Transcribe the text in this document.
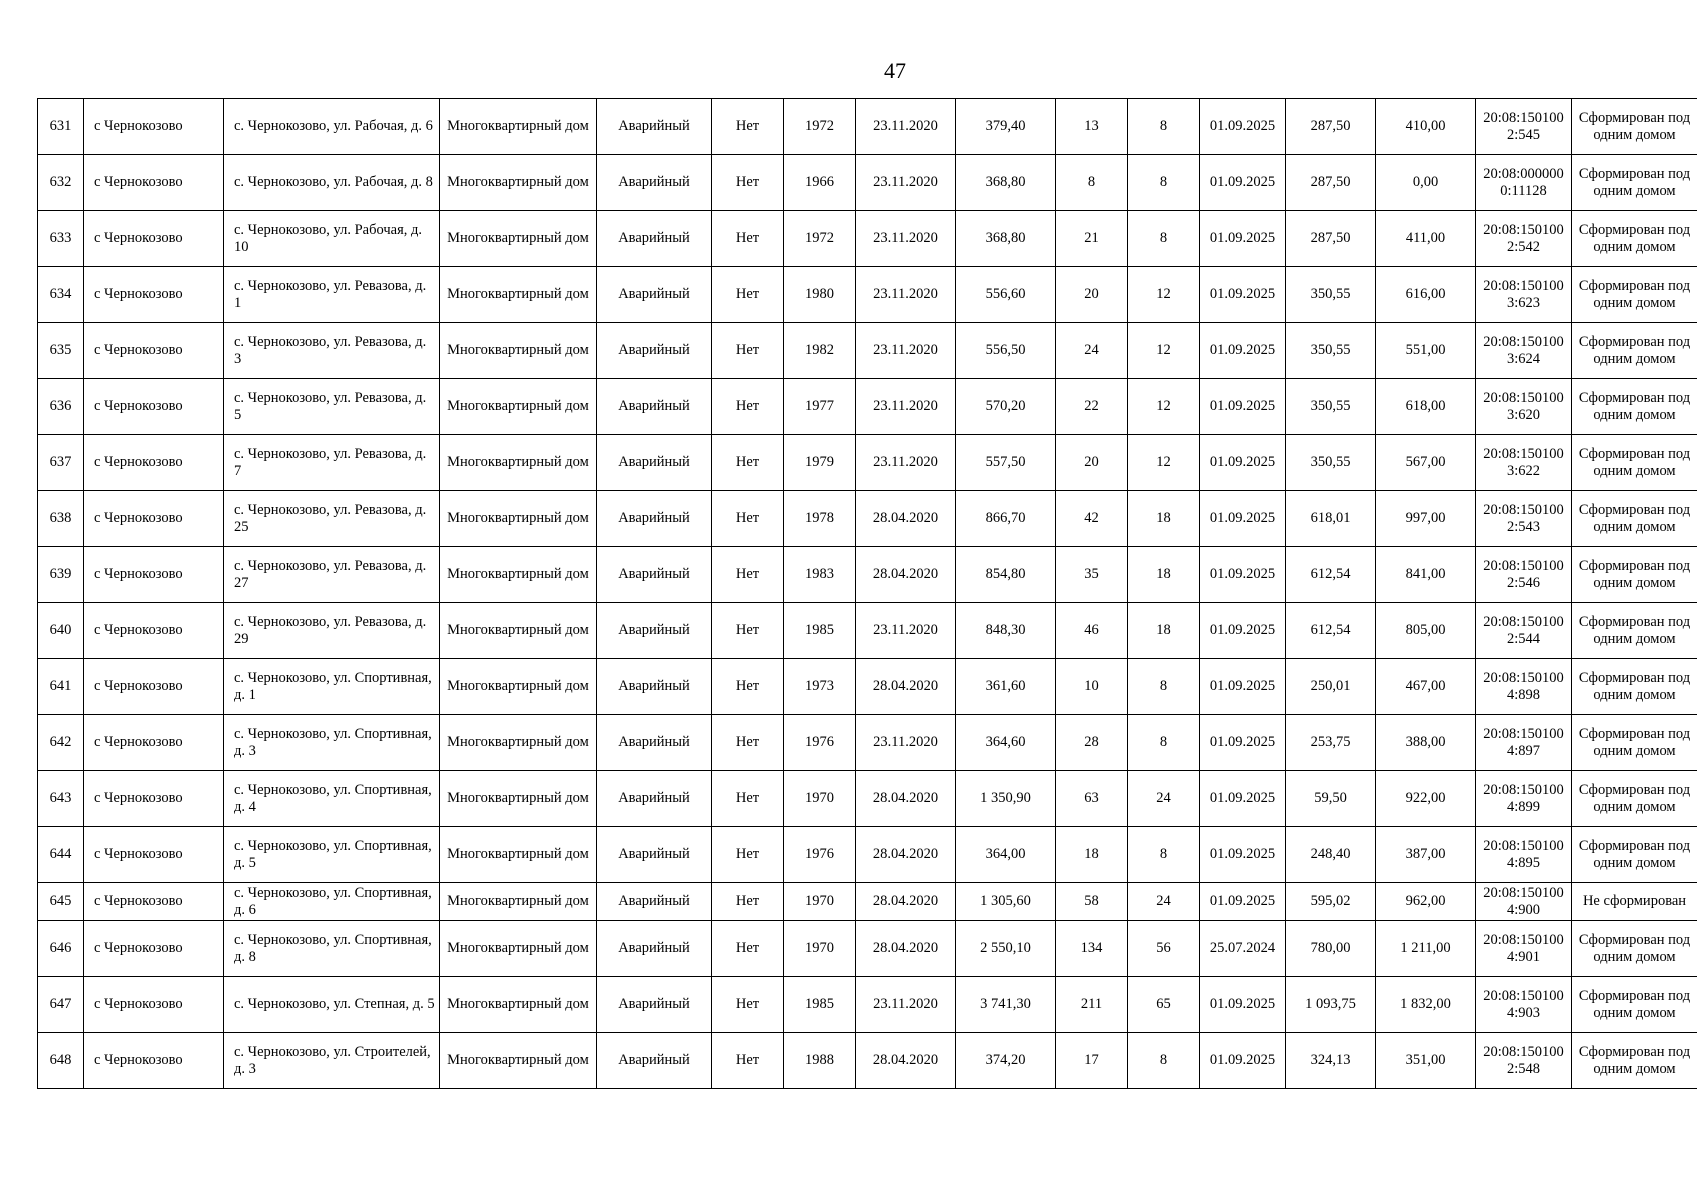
47
631	с Чернокозово	с. Чернокозово, ул. Рабочая, д. 6	Многоквартирный дом	Аварийный	Нет	1972	23.11.2020	379,40	13	8	01.09.2025	287,50	410,00	20:08:1501002:545	Сформирован под одним домом
632	с Чернокозово	с. Чернокозово, ул. Рабочая, д. 8	Многоквартирный дом	Аварийный	Нет	1966	23.11.2020	368,80	8	8	01.09.2025	287,50	0,00	20:08:0000000:11128	Сформирован под одним домом
633	с Чернокозово	с. Чернокозово, ул. Рабочая, д. 10	Многоквартирный дом	Аварийный	Нет	1972	23.11.2020	368,80	21	8	01.09.2025	287,50	411,00	20:08:1501002:542	Сформирован под одним домом
634	с Чернокозово	с. Чернокозово, ул. Ревазова, д. 1	Многоквартирный дом	Аварийный	Нет	1980	23.11.2020	556,60	20	12	01.09.2025	350,55	616,00	20:08:1501003:623	Сформирован под одним домом
635	с Чернокозово	с. Чернокозово, ул. Ревазова, д. 3	Многоквартирный дом	Аварийный	Нет	1982	23.11.2020	556,50	24	12	01.09.2025	350,55	551,00	20:08:1501003:624	Сформирован под одним домом
636	с Чернокозово	с. Чернокозово, ул. Ревазова, д. 5	Многоквартирный дом	Аварийный	Нет	1977	23.11.2020	570,20	22	12	01.09.2025	350,55	618,00	20:08:1501003:620	Сформирован под одним домом
637	с Чернокозово	с. Чернокозово, ул. Ревазова, д. 7	Многоквартирный дом	Аварийный	Нет	1979	23.11.2020	557,50	20	12	01.09.2025	350,55	567,00	20:08:1501003:622	Сформирован под одним домом
638	с Чернокозово	с. Чернокозово, ул. Ревазова, д. 25	Многоквартирный дом	Аварийный	Нет	1978	28.04.2020	866,70	42	18	01.09.2025	618,01	997,00	20:08:1501002:543	Сформирован под одним домом
639	с Чернокозово	с. Чернокозово, ул. Ревазова, д. 27	Многоквартирный дом	Аварийный	Нет	1983	28.04.2020	854,80	35	18	01.09.2025	612,54	841,00	20:08:1501002:546	Сформирован под одним домом
640	с Чернокозово	с. Чернокозово, ул. Ревазова, д. 29	Многоквартирный дом	Аварийный	Нет	1985	23.11.2020	848,30	46	18	01.09.2025	612,54	805,00	20:08:1501002:544	Сформирован под одним домом
641	с Чернокозово	с. Чернокозово, ул. Спортивная, д. 1	Многоквартирный дом	Аварийный	Нет	1973	28.04.2020	361,60	10	8	01.09.2025	250,01	467,00	20:08:1501004:898	Сформирован под одним домом
642	с Чернокозово	с. Чернокозово, ул. Спортивная, д. 3	Многоквартирный дом	Аварийный	Нет	1976	23.11.2020	364,60	28	8	01.09.2025	253,75	388,00	20:08:1501004:897	Сформирован под одним домом
643	с Чернокозово	с. Чернокозово, ул. Спортивная, д. 4	Многоквартирный дом	Аварийный	Нет	1970	28.04.2020	1 350,90	63	24	01.09.2025	59,50	922,00	20:08:1501004:899	Сформирован под одним домом
644	с Чернокозово	с. Чернокозово, ул. Спортивная, д. 5	Многоквартирный дом	Аварийный	Нет	1976	28.04.2020	364,00	18	8	01.09.2025	248,40	387,00	20:08:1501004:895	Сформирован под одним домом
645	с Чернокозово	с. Чернокозово, ул. Спортивная, д. 6	Многоквартирный дом	Аварийный	Нет	1970	28.04.2020	1 305,60	58	24	01.09.2025	595,02	962,00	20:08:1501004:900	Не сформирован
646	с Чернокозово	с. Чернокозово, ул. Спортивная, д. 8	Многоквартирный дом	Аварийный	Нет	1970	28.04.2020	2 550,10	134	56	25.07.2024	780,00	1 211,00	20:08:1501004:901	Сформирован под одним домом
647	с Чернокозово	с. Чернокозово, ул. Степная, д. 5	Многоквартирный дом	Аварийный	Нет	1985	23.11.2020	3 741,30	211	65	01.09.2025	1 093,75	1 832,00	20:08:1501004:903	Сформирован под одним домом
648	с Чернокозово	с. Чернокозово, ул. Строителей, д. 3	Многоквартирный дом	Аварийный	Нет	1988	28.04.2020	374,20	17	8	01.09.2025	324,13	351,00	20:08:1501002:548	Сформирован под одним домом
